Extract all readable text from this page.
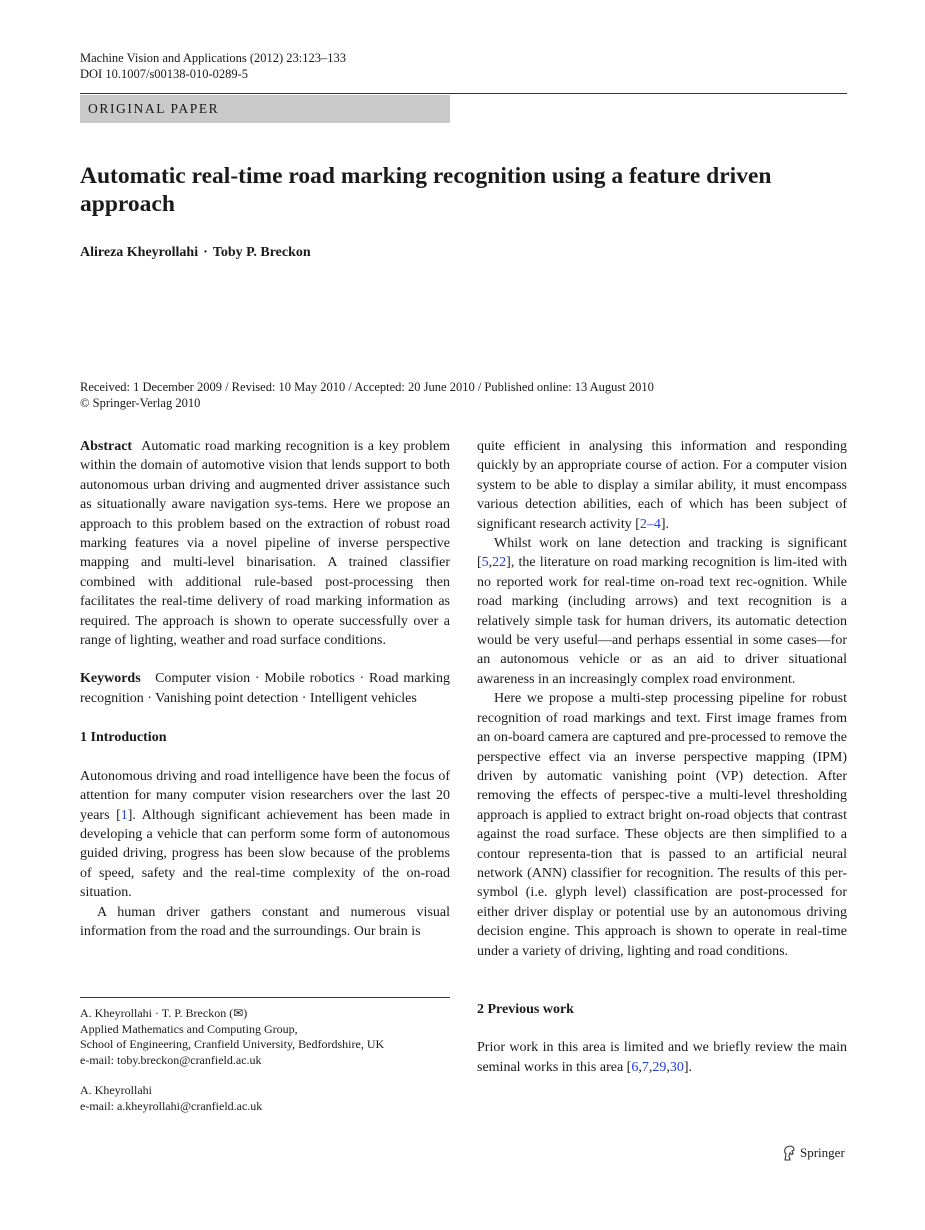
Machine Vision and Applications (2012) 23:123–133
DOI 10.1007/s00138-010-0289-5
ORIGINAL PAPER
Automatic real-time road marking recognition using a feature driven approach
Alireza Kheyrollahi · Toby P. Breckon
Received: 1 December 2009 / Revised: 10 May 2010 / Accepted: 20 June 2010 / Published online: 13 August 2010
© Springer-Verlag 2010

Abstract Automatic road marking recognition is a key problem within the domain of automotive vision that lends support to both autonomous urban driving and augmented driver assistance such as situationally aware navigation sys-tems. Here we propose an approach to this problem based on the extraction of robust road marking features via a novel pipeline of inverse perspective mapping and multi-level binarisation. A trained classifier combined with additional rule-based post-processing then facilitates the real-time delivery of road marking information as required. The approach is shown to operate successfully over a range of lighting, weather and road surface conditions.

Keywords Computer vision · Mobile robotics · Road marking recognition · Vanishing point detection · Intelligent vehicles

1 Introduction

Autonomous driving and road intelligence have been the focus of attention for many computer vision researchers over the last 20 years [1]. Although significant achievement has been made in developing a vehicle that can perform some form of autonomous guided driving, progress has been slow because of the problems of speed, safety and the real-time complexity of the on-road situation.

A human driver gathers constant and numerous visual information from the road and the surroundings. Our brain is

A. Kheyrollahi · T. P. Breckon (✉)
Applied Mathematics and Computing Group,
School of Engineering, Cranfield University, Bedfordshire, UK
e-mail: toby.breckon@cranfield.ac.uk
A. Kheyrollahi
e-mail: a.kheyrollahi@cranfield.ac.uk

quite efficient in analysing this information and responding quickly by an appropriate course of action. For a computer vision system to be able to display a similar ability, it must encompass various detection abilities, each of which has been subject of significant research activity [2–4].

Whilst work on lane detection and tracking is significant [5,22], the literature on road marking recognition is lim-ited with no reported work for real-time on-road text rec-ognition. While road marking (including arrows) and text recognition is a relatively simple task for human drivers, its automatic detection would be very useful—and perhaps essential in some cases—for an autonomous vehicle or as an aid to driver situational awareness in an increasingly complex road environment.

Here we propose a multi-step processing pipeline for robust recognition of road markings and text. First image frames from an on-board camera are captured and pre-processed to remove the perspective effect via an inverse perspective mapping (IPM) driven by automatic vanishing point (VP) detection. After removing the effects of perspec-tive a multi-level thresholding approach is applied to extract bright on-road objects that contrast against the road surface. These objects are then simplified to a contour representa-tion that is passed to an artificial neural network (ANN) classifier for recognition. The results of this per-symbol (i.e. glyph level) classification are post-processed for either driver display or potential use by an autonomous driving decision engine. This approach is shown to operate in real-time under a variety of driving, lighting and road conditions.

2 Previous work

Prior work in this area is limited and we briefly review the main seminal works in this area [6,7,29,30].

Springer
